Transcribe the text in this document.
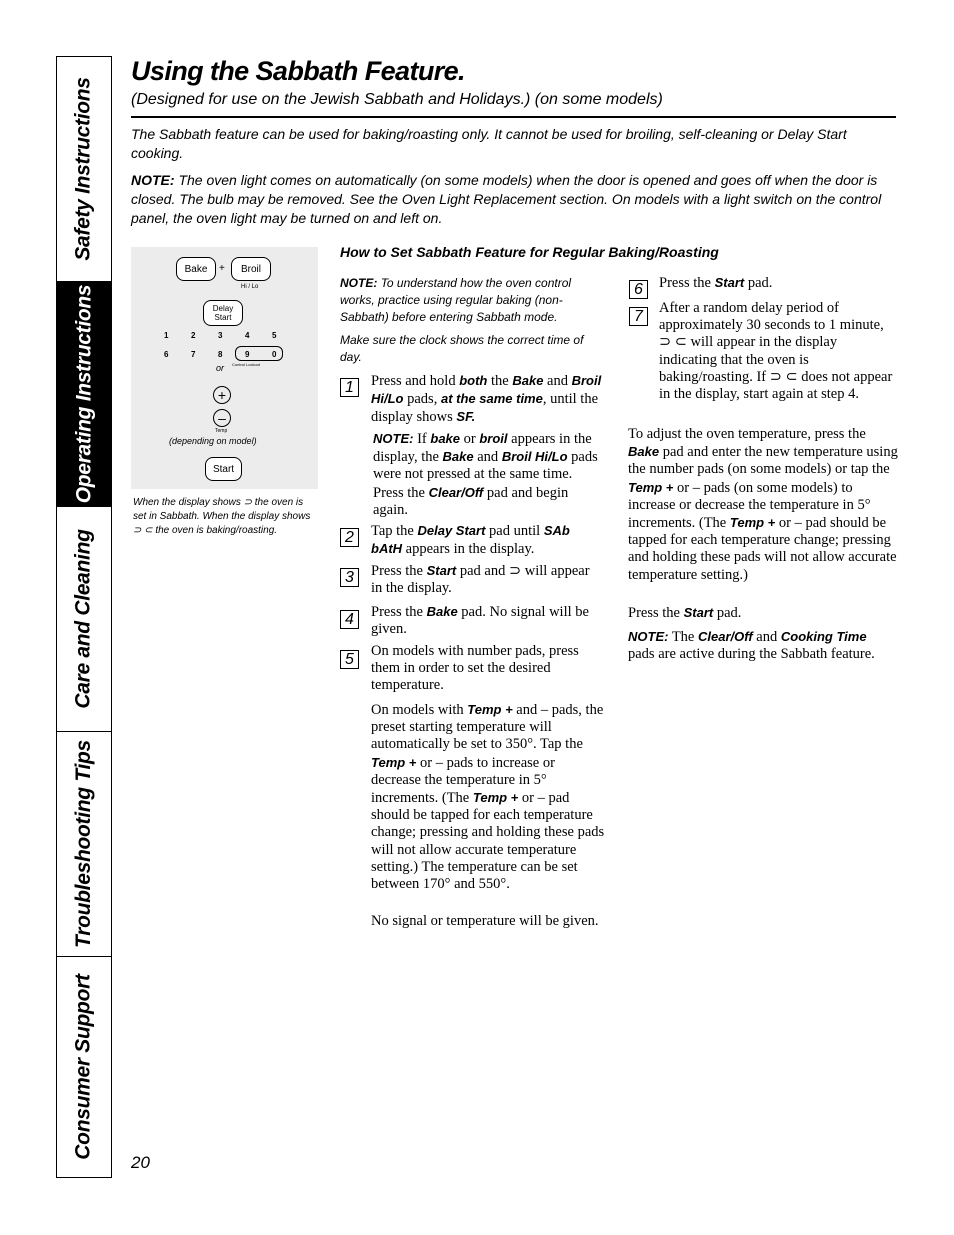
Safety Instructions
Operating Instructions
Care and Cleaning
Troubleshooting Tips
Consumer Support
Using the Sabbath Feature.
(Designed for use on the Jewish Sabbath and Holidays.) (on some models)
The Sabbath feature can be used for baking/roasting only. It cannot be used for broiling, self-cleaning or Delay Start cooking.
NOTE: The oven light comes on automatically (on some models) when the door is opened and goes off when the door is closed. The bulb may be removed. See the Oven Light Replacement section. On models with a light switch on the control panel, the oven light may be turned on and left on.
Bake	+	Broil
Hi / Lo
Delay
Start
1	2	3	4	5
6	7	8	9	0
Control Lockout
or
+
–
Temp
(depending on model)
Start
When the display shows ⊃ the oven is set in Sabbath. When the display shows ⊃ ⊂ the oven is baking/roasting.
How to Set Sabbath Feature for Regular Baking/Roasting
NOTE: To understand how the oven control works, practice using regular baking (non-Sabbath) before entering Sabbath mode.
Make sure the clock shows the correct time of day.
1	Press and hold both the Bake and Broil Hi/Lo pads, at the same time, until the display shows SF.
NOTE: If bake or broil appears in the display, the Bake and Broil Hi/Lo pads were not pressed at the same time. Press the Clear/Off pad and begin again.
2	Tap the Delay Start pad until SAb bAtH appears in the display.
3	Press the Start pad and ⊃ will appear in the display.
4	Press the Bake pad. No signal will be given.
5	On models with number pads, press them in order to set the desired temperature.
On models with Temp + and – pads, the preset starting temperature will automatically be set to 350°. Tap the Temp + or – pads to increase or decrease the temperature in 5° increments. (The Temp + or – pad should be tapped for each temperature change; pressing and holding these pads will not allow accurate temperature setting.) The temperature can be set between 170° and 550°.
No signal or temperature will be given.
6	Press the Start pad.
7	After a random delay period of approximately 30 seconds to 1 minute, ⊃ ⊂ will appear in the display indicating that the oven is baking/roasting. If ⊃ ⊂ does not appear in the display, start again at step 4.
To adjust the oven temperature, press the Bake pad and enter the new temperature using the number pads (on some models) or tap the Temp + or – pads (on some models) to increase or decrease the temperature in 5° increments. (The Temp + or – pad should be tapped for each temperature change; pressing and holding these pads will not allow accurate temperature setting.)
Press the Start pad.
NOTE: The Clear/Off and Cooking Time pads are active during the Sabbath feature.
20
